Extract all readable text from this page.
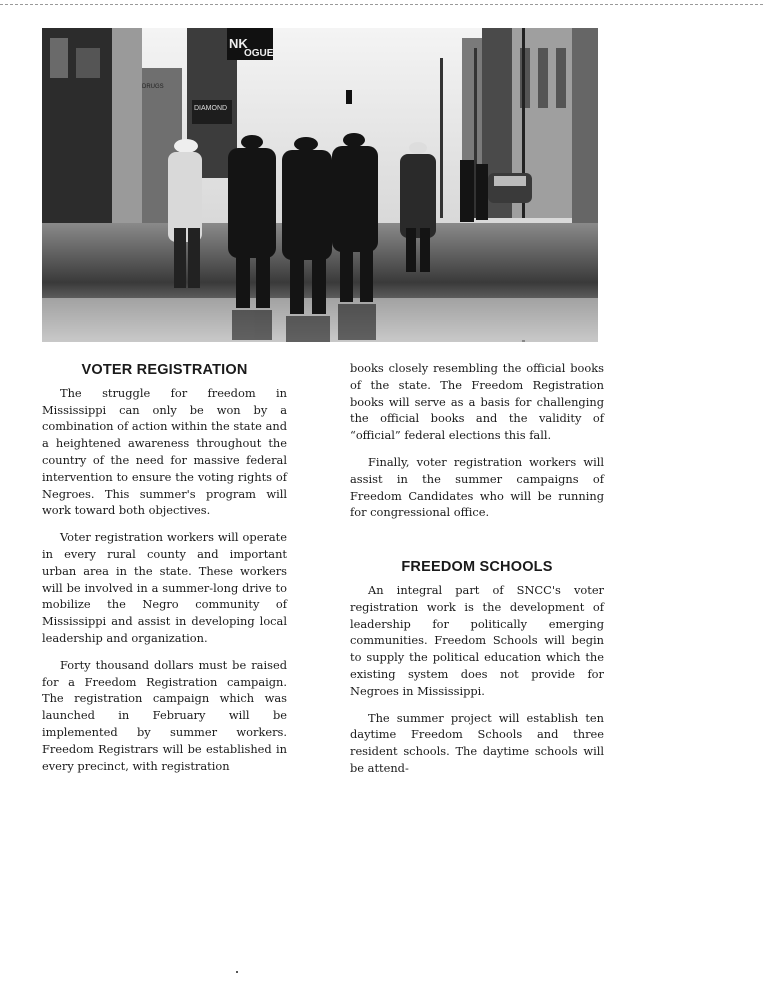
NK
OGUE
DIAMOND
DRUGS
VOTER REGISTRATION

The struggle for freedom in Mississippi can only be won by a combination of action within the state and a heightened awareness throughout the country of the need for massive federal intervention to ensure the voting rights of Negroes. This summer's program will work toward both objectives.

Voter registration workers will operate in every rural county and important urban area in the state. These workers will be involved in a summer-long drive to mobilize the Negro community of Mississippi and assist in developing local leadership and organization.

Forty thousand dollars must be raised for a Freedom Registration campaign. The registration campaign which was launched in February will be implemented by summer workers. Freedom Registrars will be established in every precinct, with registration

books closely resembling the official books of the state. The Freedom Registration books will serve as a basis for challenging the official books and the validity of “official” federal elections this fall.

Finally, voter registration workers will assist in the summer campaigns of Freedom Candidates who will be running for congressional office.

FREEDOM SCHOOLS

An integral part of SNCC's voter registration work is the development of leadership for politically emerging communities. Freedom Schools will begin to supply the political education which the existing system does not provide for Negroes in Mississippi.

The summer project will establish ten daytime Freedom Schools and three resident schools. The daytime schools will be attend-
